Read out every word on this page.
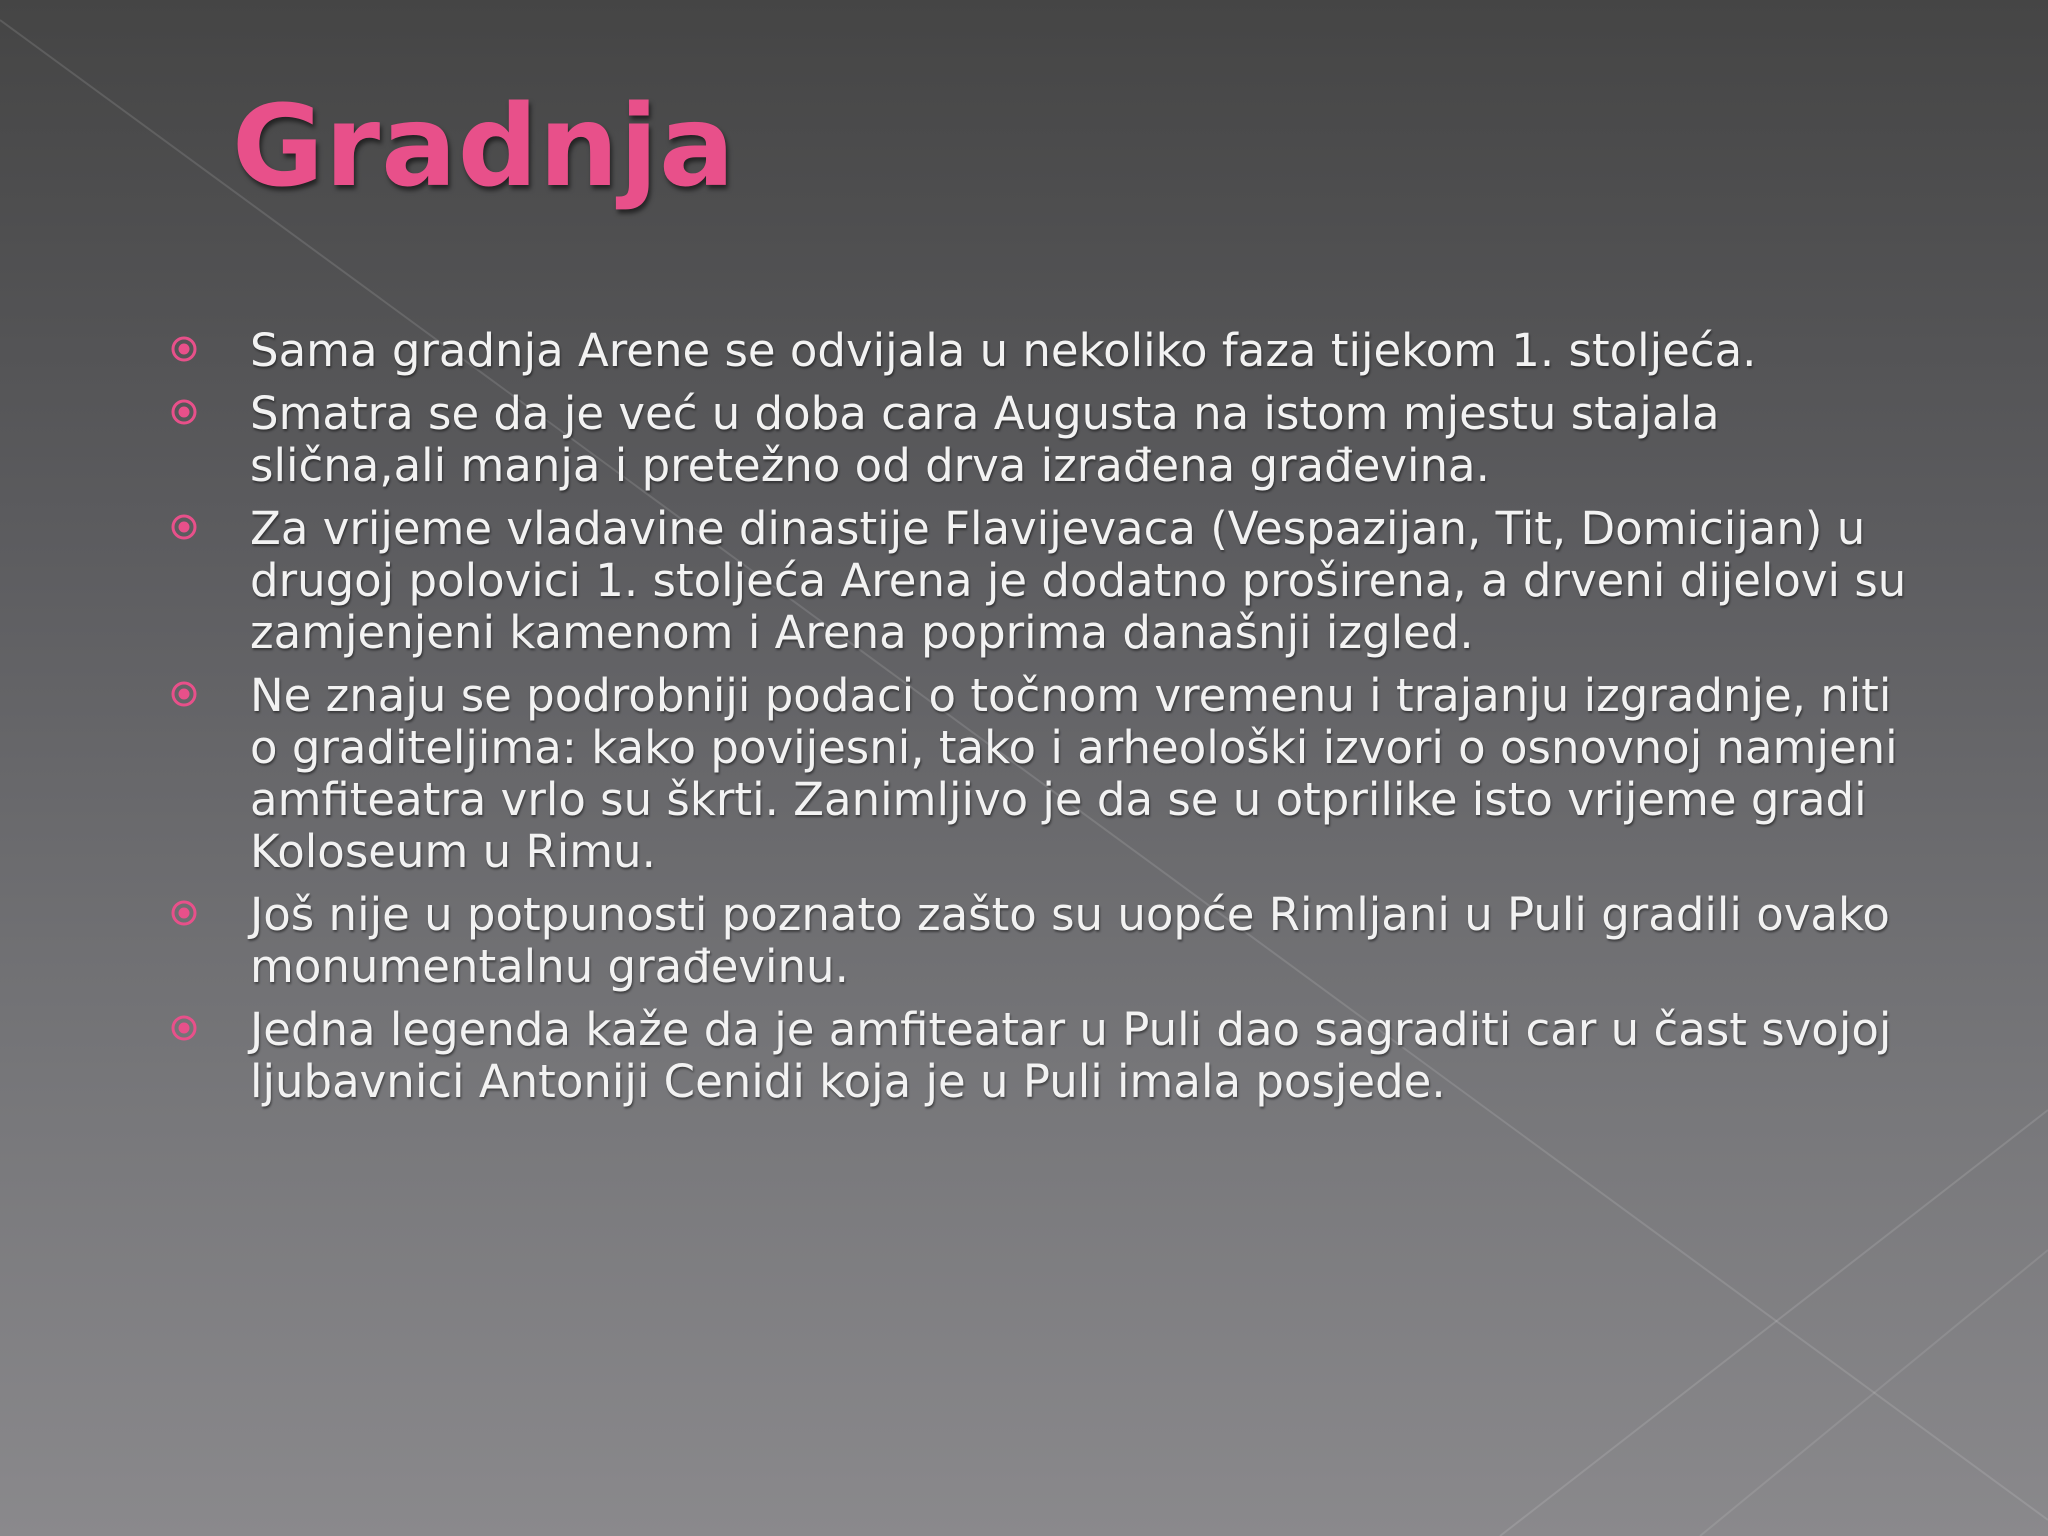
Gradnja
Sama gradnja Arene se odvijala u nekoliko faza tijekom 1. stoljeća.
Smatra se da je već u doba cara Augusta na istom mjestu stajala slična,ali manja i pretežno od drva izrađena građevina.
Za vrijeme vladavine dinastije Flavijevaca (Vespazijan, Tit, Domicijan) u drugoj polovici 1. stoljeća Arena je dodatno proširena, a drveni dijelovi su zamjenjeni kamenom i Arena poprima današnji izgled.
Ne znaju se podrobniji podaci o točnom vremenu i trajanju izgradnje, niti o graditeljima: kako povijesni, tako i arheološki izvori o osnovnoj namjeni amfiteatra vrlo su škrti. Zanimljivo je da se u otprilike isto vrijeme gradi Koloseum u Rimu.
Još nije u potpunosti poznato zašto su uopće Rimljani u Puli gradili ovako monumentalnu građevinu.
Jedna legenda kaže da je amfiteatar u Puli dao sagraditi car u čast svojoj ljubavnici Antoniji Cenidi koja je u Puli imala posjede.
